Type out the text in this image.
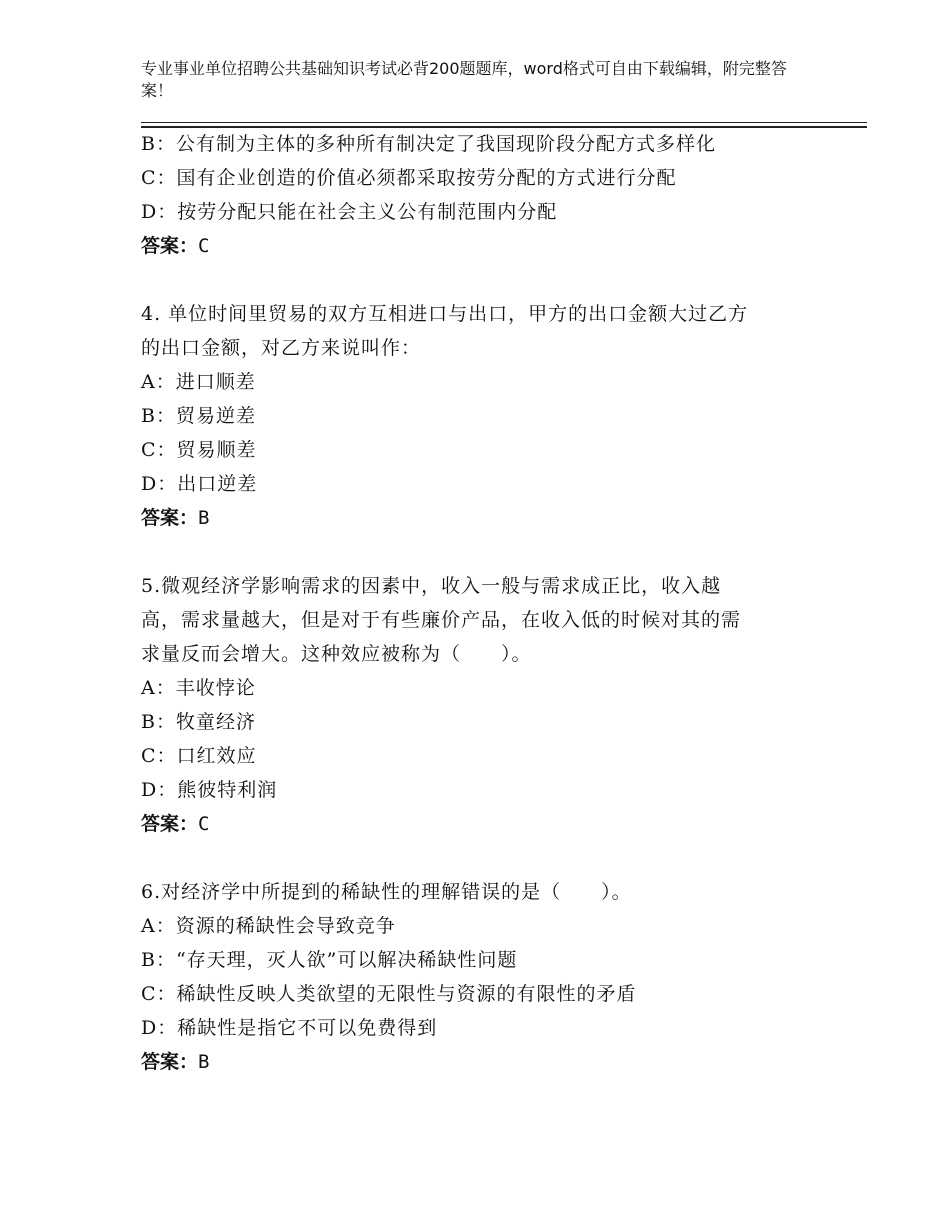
专业事业单位招聘公共基础知识考试必背200题题库，word格式可自由下载编辑，附完整答案！
B：公有制为主体的多种所有制决定了我国现阶段分配方式多样化
C：国有企业创造的价值必须都采取按劳分配的方式进行分配
D：按劳分配只能在社会主义公有制范围内分配
答案：C
4. 单位时间里贸易的双方互相进口与出口，甲方的出口金额大过乙方
的出口金额，对乙方来说叫作：
A：进口顺差
B：贸易逆差
C：贸易顺差
D：出口逆差
答案：B
5.微观经济学影响需求的因素中，收入一般与需求成正比，收入越
高，需求量越大，但是对于有些廉价产品，在收入低的时候对其的需
求量反而会增大。这种效应被称为（　　）。
A：丰收悖论
B：牧童经济
C：口红效应
D：熊彼特利润
答案：C
6.对经济学中所提到的稀缺性的理解错误的是（　　）。
A：资源的稀缺性会导致竞争
B：“存天理，灭人欲”可以解决稀缺性问题
C：稀缺性反映人类欲望的无限性与资源的有限性的矛盾
D：稀缺性是指它不可以免费得到
答案：B
